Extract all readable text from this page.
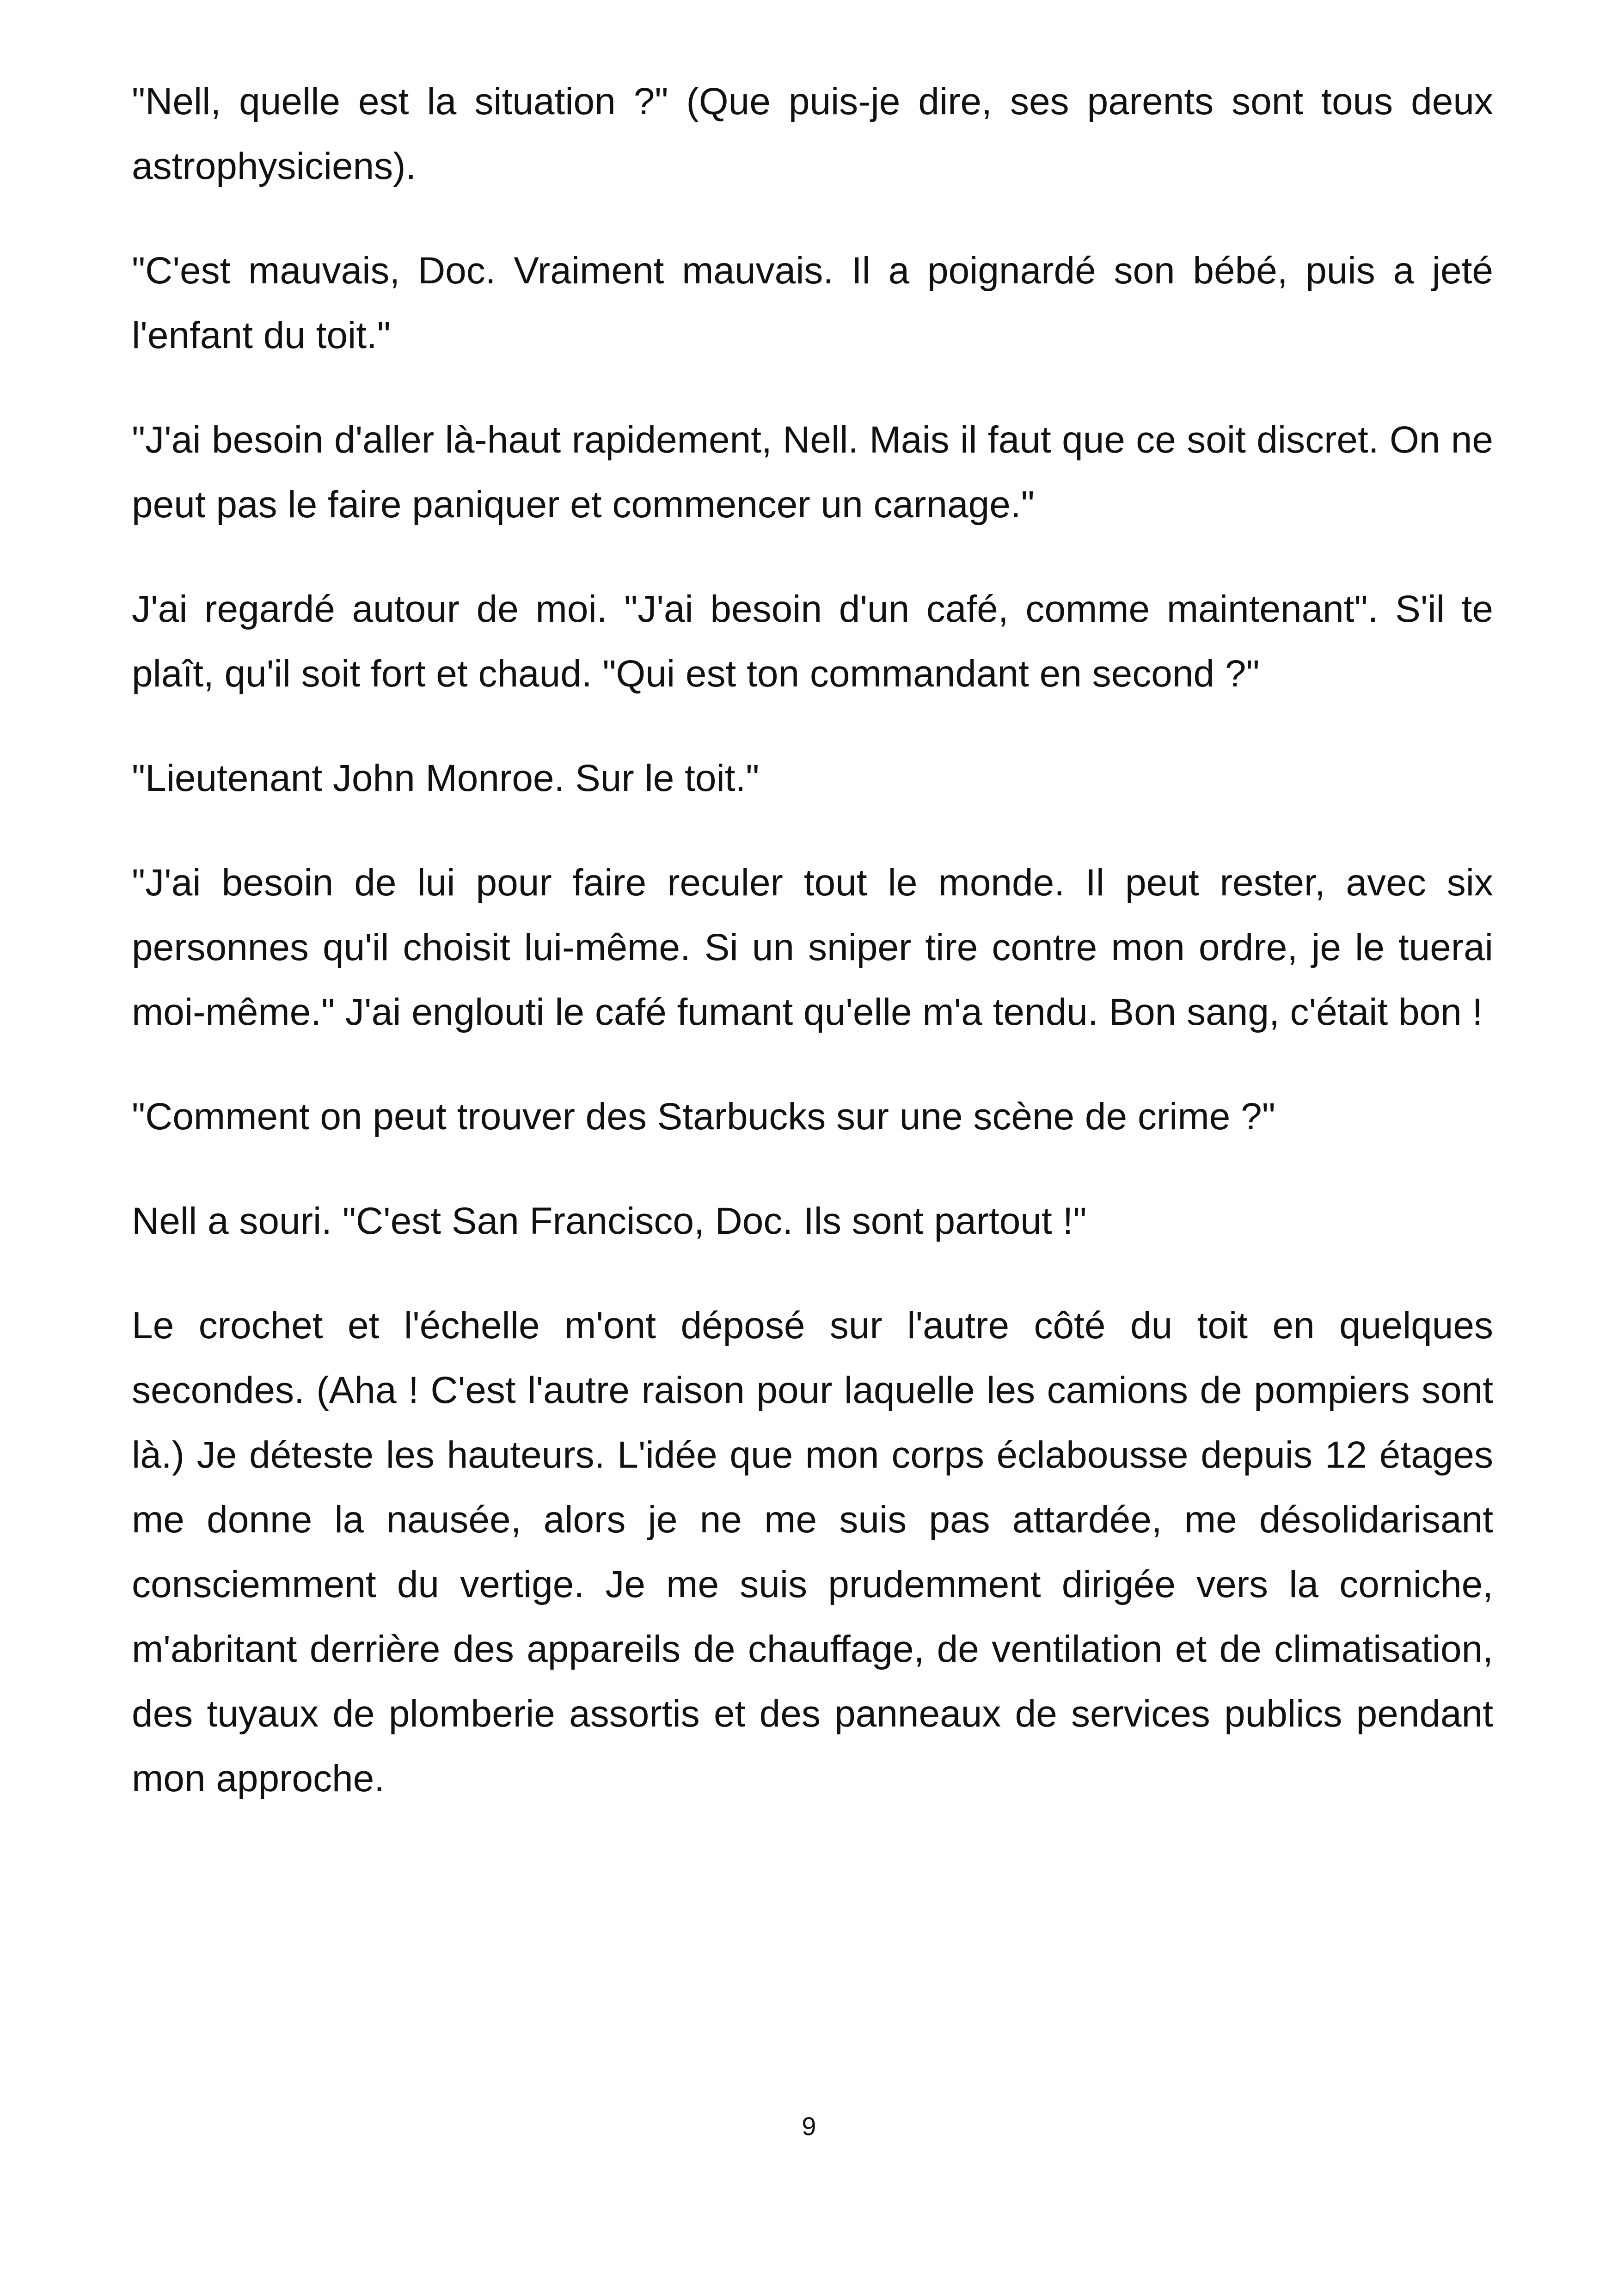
"Nell, quelle est la situation ?" (Que puis-je dire, ses parents sont tous deux astrophysiciens).

"C'est mauvais, Doc. Vraiment mauvais. Il a poignardé son bébé, puis a jeté l'enfant du toit."

"J'ai besoin d'aller là-haut rapidement, Nell. Mais il faut que ce soit discret. On ne peut pas le faire paniquer et commencer un carnage."

J'ai regardé autour de moi. "J'ai besoin d'un café, comme maintenant". S'il te plaît, qu'il soit fort et chaud. "Qui est ton commandant en second ?"

"Lieutenant John Monroe. Sur le toit."

"J'ai besoin de lui pour faire reculer tout le monde. Il peut rester, avec six personnes qu'il choisit lui-même. Si un sniper tire contre mon ordre, je le tuerai moi-même." J'ai englouti le café fumant qu'elle m'a tendu. Bon sang, c'était bon !

"Comment on peut trouver des Starbucks sur une scène de crime ?"

Nell a souri. "C'est San Francisco, Doc. Ils sont partout !"

Le crochet et l'échelle m'ont déposé sur l'autre côté du toit en quelques secondes. (Aha ! C'est l'autre raison pour laquelle les camions de pompiers sont là.) Je déteste les hauteurs. L'idée que mon corps éclabousse depuis 12 étages me donne la nausée, alors je ne me suis pas attardée, me désolidarisant consciemment du vertige. Je me suis prudemment dirigée vers la corniche, m'abritant derrière des appareils de chauffage, de ventilation et de climatisation, des tuyaux de plomberie assortis et des panneaux de services publics pendant mon approche.

9
